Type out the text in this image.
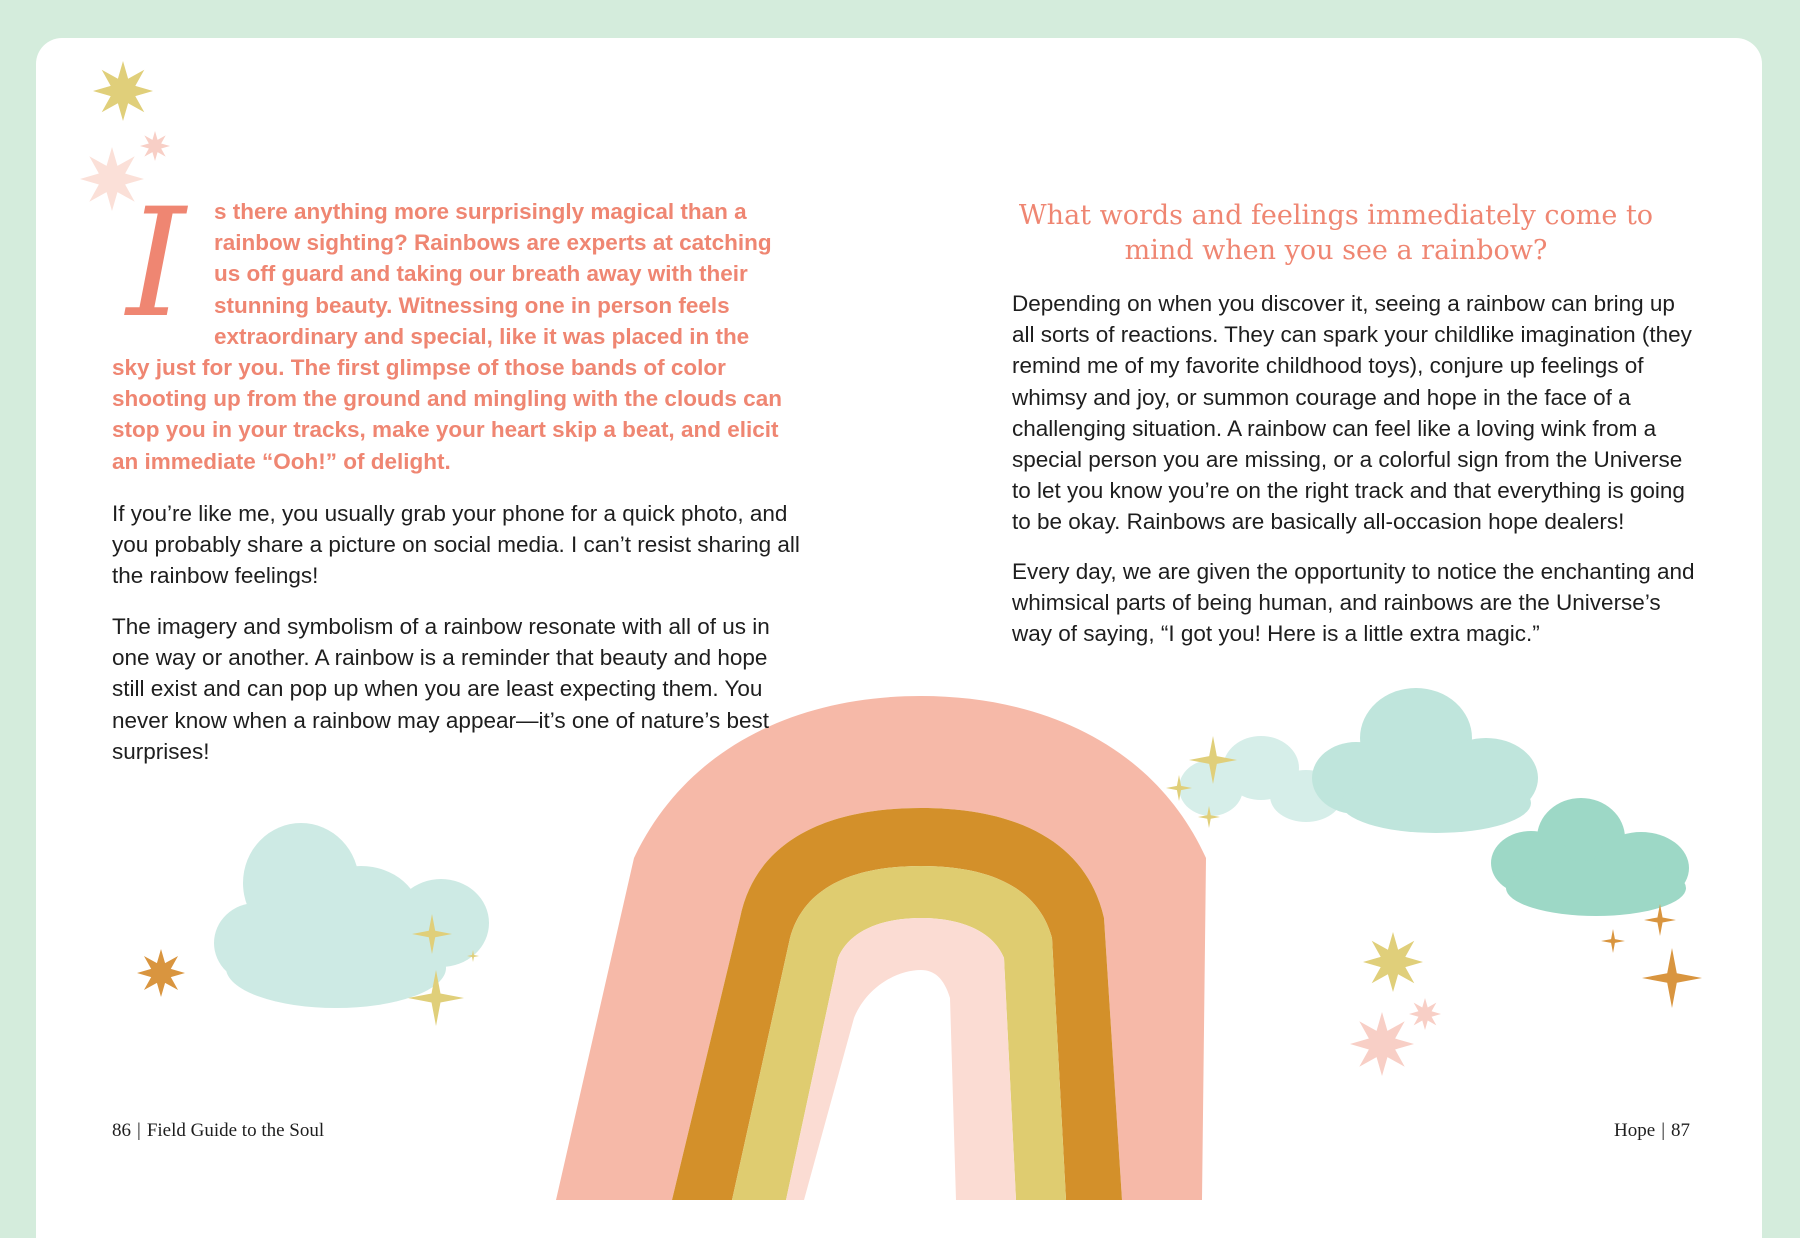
I	s there anything more surprisingly magical than a rainbow sighting? Rainbows are experts at catching us off guard and taking our breath away with their stunning beauty. Witnessing one in person feels extraordinary and special, like it was placed in the sky just for you. The first glimpse of those bands of color shooting up from the ground and mingling with the clouds can stop you in your tracks, make your heart skip a beat, and elicit an immediate “Ooh!” of delight.

If you’re like me, you usually grab your phone for a quick photo, and you probably share a picture on social media. I can’t resist sharing all the rainbow feelings!

The imagery and symbolism of a rainbow resonate with all of us in one way or another. A rainbow is a reminder that beauty and hope still exist and can pop up when you are least expecting them. You never know when a rainbow may appear—it’s one of nature’s best surprises!

What words and feelings immediately come to mind when you see a rainbow?

Depending on when you discover it, seeing a rainbow can bring up all sorts of reactions. They can spark your childlike imagination (they remind me of my favorite childhood toys), conjure up feelings of whimsy and joy, or summon courage and hope in the face of a challenging situation. A rainbow can feel like a loving wink from a special person you are missing, or a colorful sign from the Universe to let you know you’re on the right track and that everything is going to be okay. Rainbows are basically all-occasion hope dealers!

Every day, we are given the opportunity to notice the enchanting and whimsical parts of being human, and rainbows are the Universe’s way of saying, “I got you! Here is a little extra magic.”

86 | Field Guide to the Soul	Hope | 87
